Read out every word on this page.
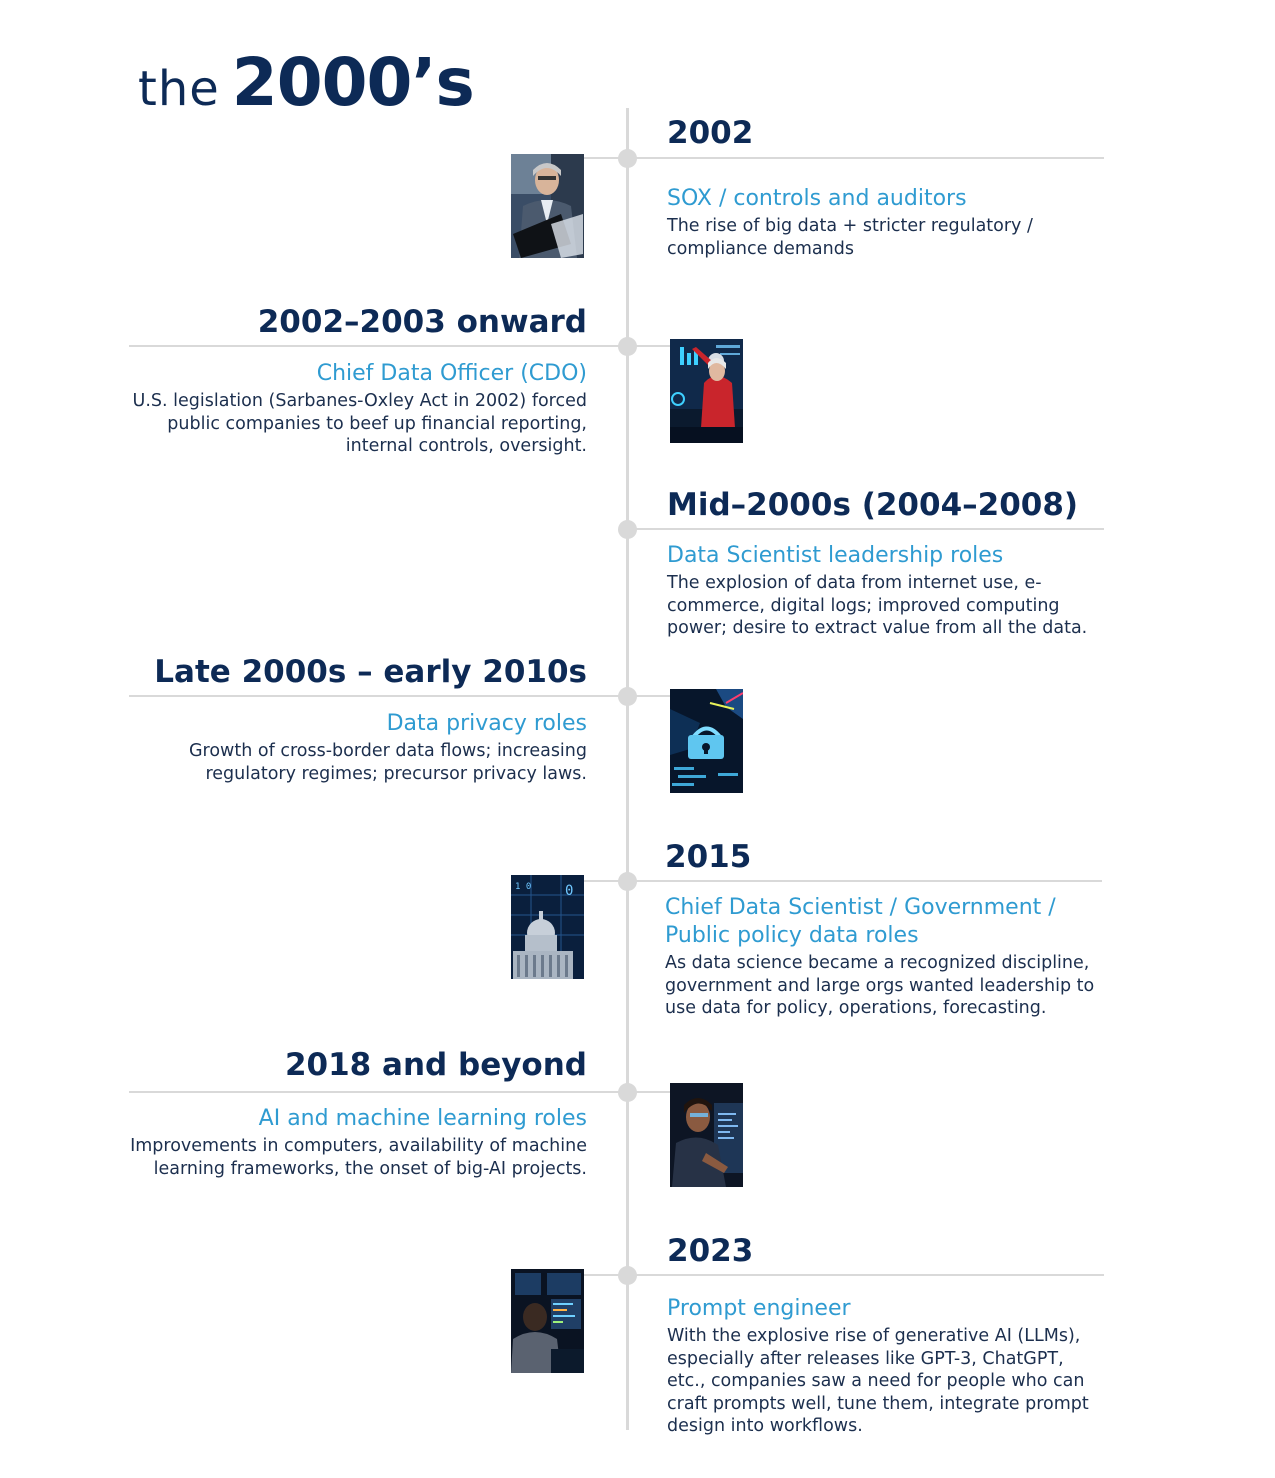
the 2000’s
2002

SOX / controls and auditors

The rise of big data + stricter regulatory / compliance demands

2002–2003 onward

Chief Data Officer (CDO)

U.S. legislation (Sarbanes-Oxley Act in 2002) forced public companies to beef up financial reporting, internal controls, oversight.

Mid–2000s (2004–2008)

Data Scientist leadership roles

The explosion of data from internet use, e-commerce, digital logs; improved computing power; desire to extract value from all the data.

Late 2000s – early 2010s

Data privacy roles

Growth of cross-border data flows; increasing regulatory regimes; precursor privacy laws.

2015

Chief Data Scientist / Government / Public policy data roles

As data science became a recognized discipline, government and large orgs wanted leadership to use data for policy, operations, forecasting.

0
1 0
2018 and beyond

AI and machine learning roles

Improvements in computers, availability of machine learning frameworks, the onset of big-AI projects.

2023

Prompt engineer

With the explosive rise of generative AI (LLMs), especially after releases like GPT-3, ChatGPT, etc., companies saw a need for people who can craft prompts well, tune them, integrate prompt design into workflows.
